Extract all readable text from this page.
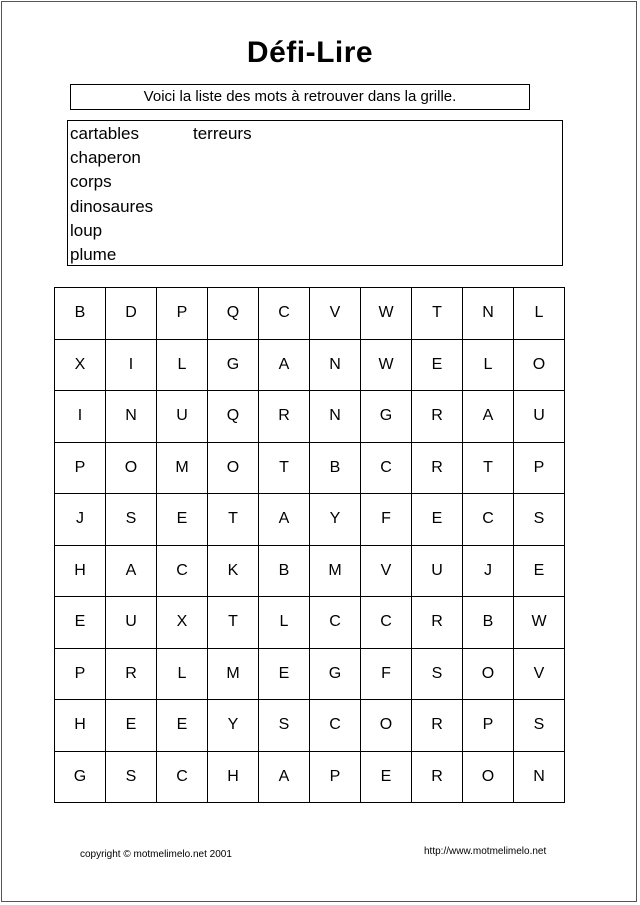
Défi-Lire
Voici la liste des mots à retrouver dans la grille.
cartables
chaperon
corps
dinosaures
loup
plume
terreurs
B	D	P	Q	C	V	W	T	N	L
X	I	L	G	A	N	W	E	L	O
I	N	U	Q	R	N	G	R	A	U
P	O	M	O	T	B	C	R	T	P
J	S	E	T	A	Y	F	E	C	S
H	A	C	K	B	M	V	U	J	E
E	U	X	T	L	C	C	R	B	W
P	R	L	M	E	G	F	S	O	V
H	E	E	Y	S	C	O	R	P	S
G	S	C	H	A	P	E	R	O	N
copyright © motmelimelo.net 2001	http://www.motmelimelo.net
